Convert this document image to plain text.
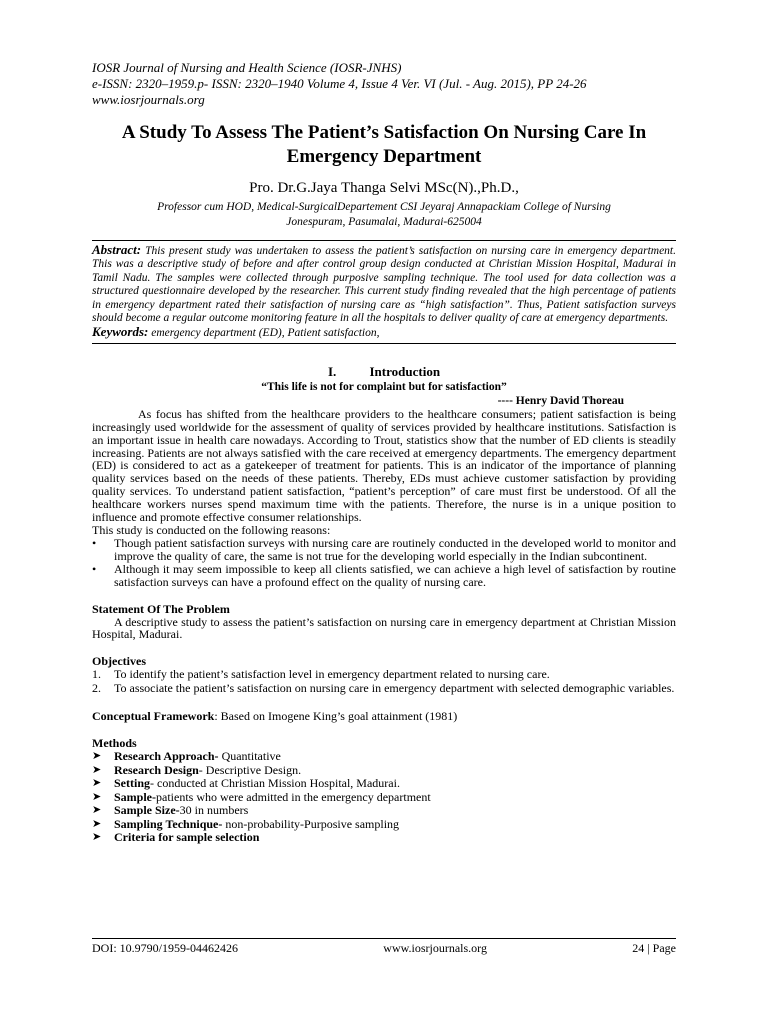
IOSR Journal of Nursing and Health Science (IOSR-JNHS)

e-ISSN: 2320–1959.p- ISSN: 2320–1940 Volume 4, Issue 4 Ver. VI (Jul. - Aug. 2015), PP 24-26

www.iosrjournals.org

A Study To Assess The Patient’s Satisfaction On Nursing Care In
Emergency Department

Pro. Dr.G.Jaya Thanga Selvi MSc(N).,Ph.D.,

Professor cum HOD, Medical-SurgicalDepartement CSI Jeyaraj Annapackiam College of Nursing

Jonespuram, Pasumalai, Madurai-625004

Abstract: This present study was undertaken to assess the patient’s satisfaction on nursing care in emergency department. This was a descriptive study of before and after control group design conducted at Christian Mission Hospital, Madurai in Tamil Nadu. The samples were collected through purposive sampling technique. The tool used for data collection was a structured questionnaire developed by the researcher. This current study finding revealed that the high percentage of patients in emergency department rated their satisfaction of nursing care as “high satisfaction”. Thus, Patient satisfaction surveys should become a regular outcome monitoring feature in all the hospitals to deliver quality of care at emergency departments.
Keywords: emergency department (ED), Patient satisfaction,
I.	Introduction

“This life is not for complaint but for satisfaction”

---- Henry David Thoreau

As focus has shifted from the healthcare providers to the healthcare consumers; patient satisfaction is being increasingly used worldwide for the assessment of quality of services provided by healthcare institutions. Satisfaction is an important issue in health care nowadays. According to Trout, statistics show that the number of ED clients is steadily increasing. Patients are not always satisfied with the care received at emergency departments. The emergency department (ED) is considered to act as a gatekeeper of treatment for patients. This is an indicator of the importance of planning quality services based on the needs of these patients. Thereby, EDs must achieve customer satisfaction by providing quality services. To understand patient satisfaction, “patient’s perception” of care must first be understood. Of all the healthcare workers nurses spend maximum time with the patients. Therefore, the nurse is in a unique position to influence and promote effective consumer relationships.

This study is conducted on the following reasons:

• Though patient satisfaction surveys with nursing care are routinely conducted in the developed world to monitor and improve the quality of care, the same is not true for the developing world especially in the Indian subcontinent.
• Although it may seem impossible to keep all clients satisfied, we can achieve a high level of satisfaction by routine satisfaction surveys can have a profound effect on the quality of nursing care.

Statement Of The Problem

A descriptive study to assess the patient’s satisfaction on nursing care in emergency department at Christian Mission Hospital, Madurai.

Objectives

1. To identify the patient’s satisfaction level in emergency department related to nursing care.
2. To associate the patient’s satisfaction on nursing care in emergency department with selected demographic variables.

Conceptual Framework: Based on Imogene King’s goal attainment (1981)

Methods

➤ Research Approach- Quantitative
➤ Research Design- Descriptive Design.
➤ Setting- conducted at Christian Mission Hospital, Madurai.
➤ Sample-patients who were admitted in the emergency department
➤ Sample Size-30 in numbers
➤ Sampling Technique- non-probability-Purposive sampling
➤ Criteria for sample selection
DOI: 10.9790/1959-04462426	www.iosrjournals.org	24 | Page
